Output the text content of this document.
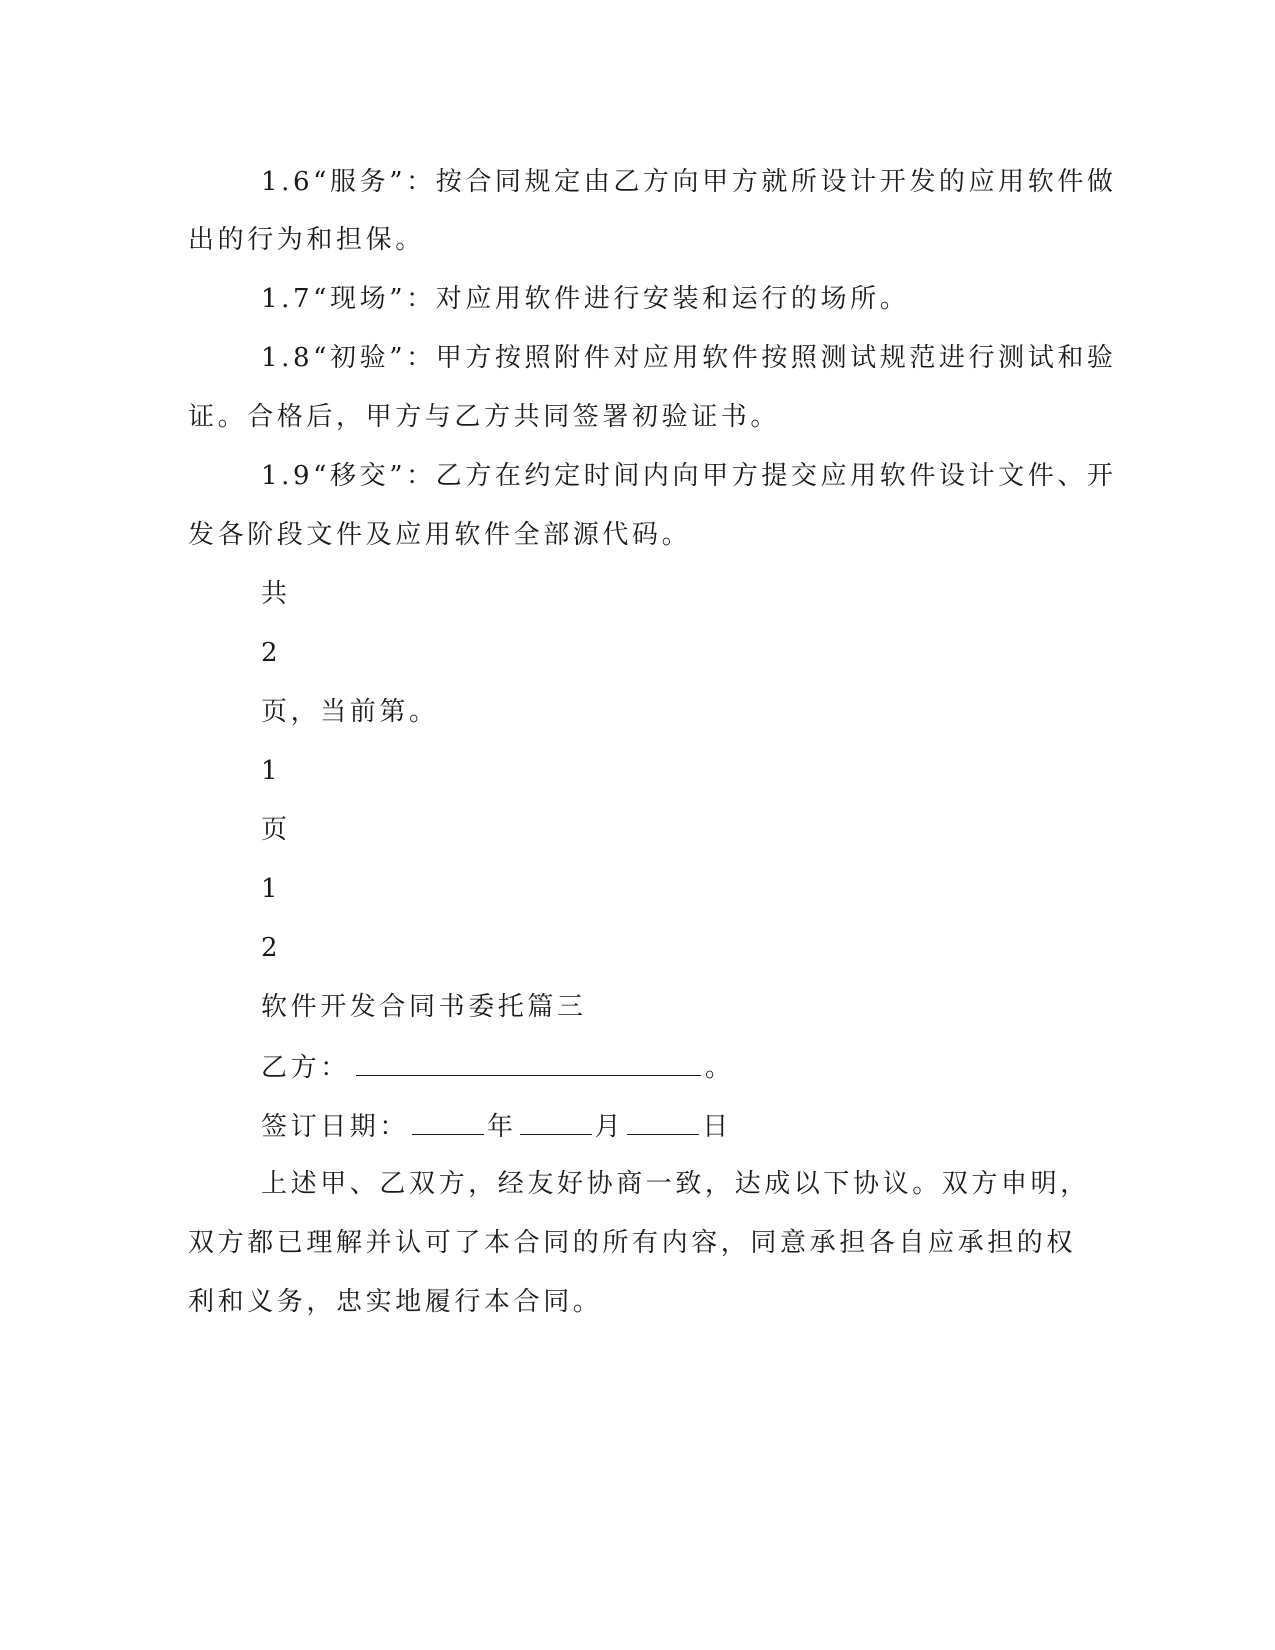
1.6“服务”：按合同规定由乙方向甲方就所设计开发的应用软件做

出的行为和担保。

1.7“现场”：对应用软件进行安装和运行的场所。

1.8“初验”：甲方按照附件对应用软件按照测试规范进行测试和验

证。合格后，甲方与乙方共同签署初验证书。

1.9“移交”：乙方在约定时间内向甲方提交应用软件设计文件、开

发各阶段文件及应用软件全部源代码。

共

2

页，当前第。

1

页

1

2

软件开发合同书委托篇三

乙方：	。

签订日期：	年	月	日

上述甲、乙双方，经友好协商一致，达成以下协议。双方申明，

双方都已理解并认可了本合同的所有内容，同意承担各自应承担的权

利和义务，忠实地履行本合同。
